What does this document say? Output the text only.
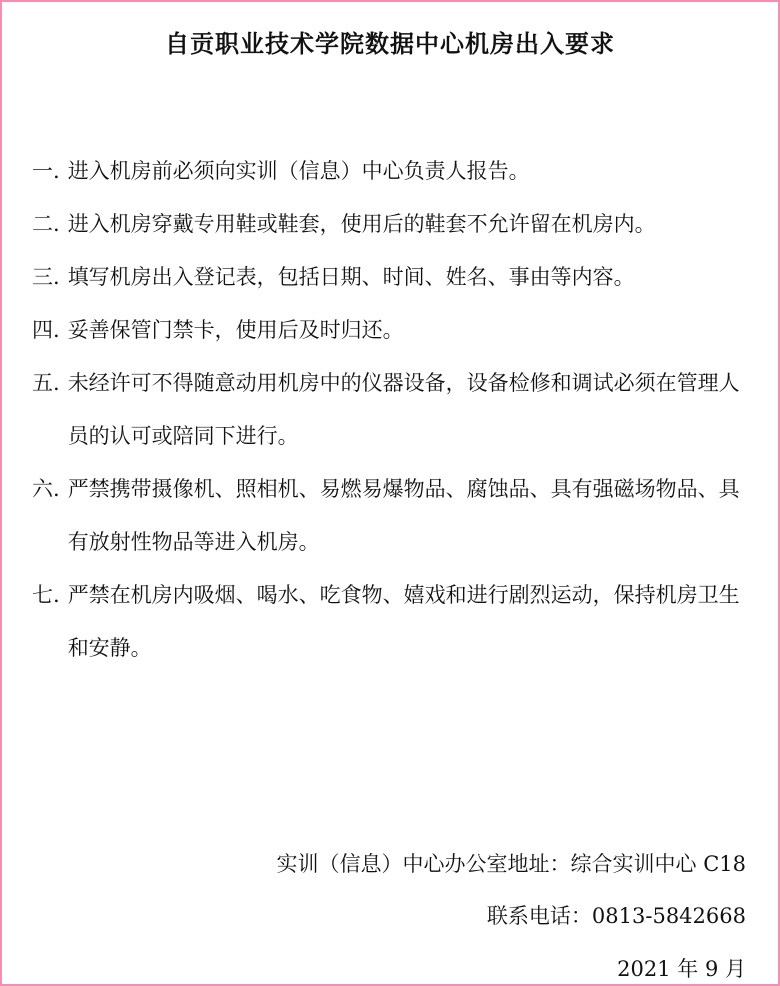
自贡职业技术学院数据中心机房出入要求
一. 进入机房前必须向实训（信息）中心负责人报告。
二. 进入机房穿戴专用鞋或鞋套，使用后的鞋套不允许留在机房内。
三. 填写机房出入登记表，包括日期、时间、姓名、事由等内容。
四. 妥善保管门禁卡，使用后及时归还。
五. 未经许可不得随意动用机房中的仪器设备，设备检修和调试必须在管理人员的认可或陪同下进行。
六. 严禁携带摄像机、照相机、易燃易爆物品、腐蚀品、具有强磁场物品、具有放射性物品等进入机房。
七. 严禁在机房内吸烟、喝水、吃食物、嬉戏和进行剧烈运动，保持机房卫生和安静。
实训（信息）中心办公室地址：综合实训中心 C18
联系电话：0813-5842668
2021 年 9 月
